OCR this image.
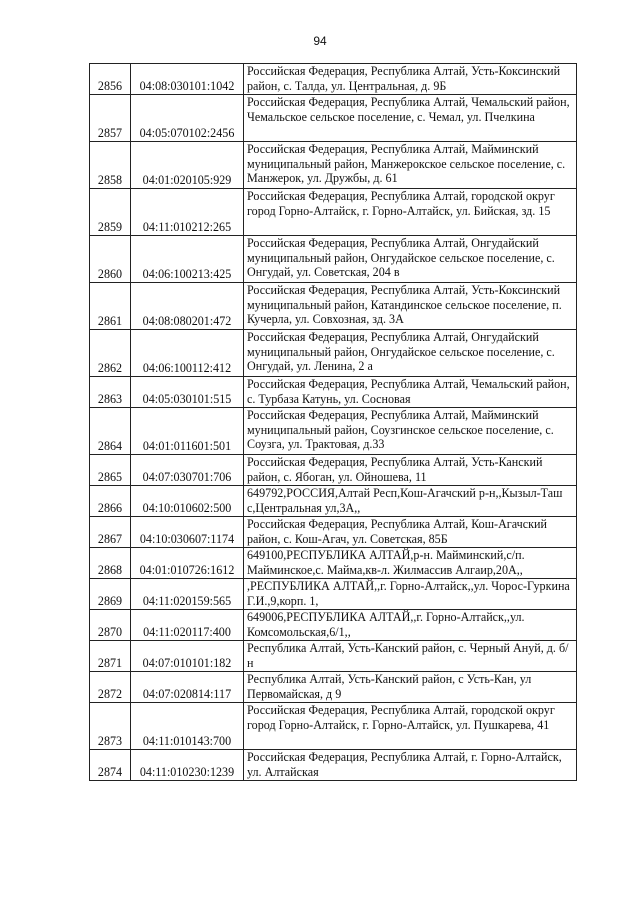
94
2856	04:08:030101:1042	Российская Федерация, Республика Алтай, Усть-Коксинский район, с. Талда, ул. Центральная, д. 9Б
2857	04:05:070102:2456	Российская Федерация, Республика Алтай, Чемальский район, Чемальское сельское поселение, с. Чемал, ул. Пчелкина
2858	04:01:020105:929	Российская Федерация, Республика Алтай, Майминский муниципальный район, Манжерокское сельское поселение, с. Манжерок, ул. Дружбы, д. 61
2859	04:11:010212:265	Российская Федерация, Республика Алтай, городской округ город Горно-Алтайск, г. Горно-Алтайск, ул. Бийская, зд. 15
2860	04:06:100213:425	Российская Федерация, Республика Алтай, Онгудайский муниципальный район, Онгудайское сельское поселение, с. Онгудай, ул. Советская, 204 в
2861	04:08:080201:472	Российская Федерация, Республика Алтай, Усть-Коксинский муниципальный район, Катандинское сельское поселение, п. Кучерла, ул. Совхозная, зд. 3А
2862	04:06:100112:412	Российская Федерация, Республика Алтай, Онгудайский муниципальный район, Онгудайское сельское поселение, с. Онгудай, ул. Ленина, 2 а
2863	04:05:030101:515	Российская Федерация, Республика Алтай, Чемальский район, с. Турбаза Катунь, ул. Сосновая
2864	04:01:011601:501	Российская Федерация, Республика Алтай, Майминский муниципальный район, Соузгинское сельское поселение, с. Соузга, ул. Трактовая, д.33
2865	04:07:030701:706	Российская Федерация, Республика Алтай, Усть-Канский район, с. Ябоган, ул. Ойношева, 11
2866	04:10:010602:500	649792,РОССИЯ,Алтай Респ,Кош-Агачский р-н,,Кызыл-Таш с,Центральная ул,3А,,
2867	04:10:030607:1174	Российская Федерация, Республика Алтай, Кош-Агачский район, с. Кош-Агач, ул. Советская, 85Б
2868	04:01:010726:1612	649100,РЕСПУБЛИКА АЛТАЙ,р-н. Майминский,с/п. Майминское,с. Майма,кв-л. Жилмассив Алгаир,20А,,
2869	04:11:020159:565	,РЕСПУБЛИКА АЛТАЙ,,г. Горно-Алтайск,,ул. Чорос-Гуркина Г.И.,9,корп. 1,
2870	04:11:020117:400	649006,РЕСПУБЛИКА АЛТАЙ,,г. Горно-Алтайск,,ул. Комсомольская,6/1,,
2871	04:07:010101:182	Республика Алтай, Усть-Канский район, с. Черный Ануй, д. б/н
2872	04:07:020814:117	Республика Алтай, Усть-Канский район, с Усть-Кан, ул Первомайская, д 9
2873	04:11:010143:700	Российская Федерация, Республика Алтай, городской округ город Горно-Алтайск, г. Горно-Алтайск, ул. Пушкарева, 41
2874	04:11:010230:1239	Российская Федерация, Республика Алтай, г. Горно-Алтайск, ул. Алтайская
